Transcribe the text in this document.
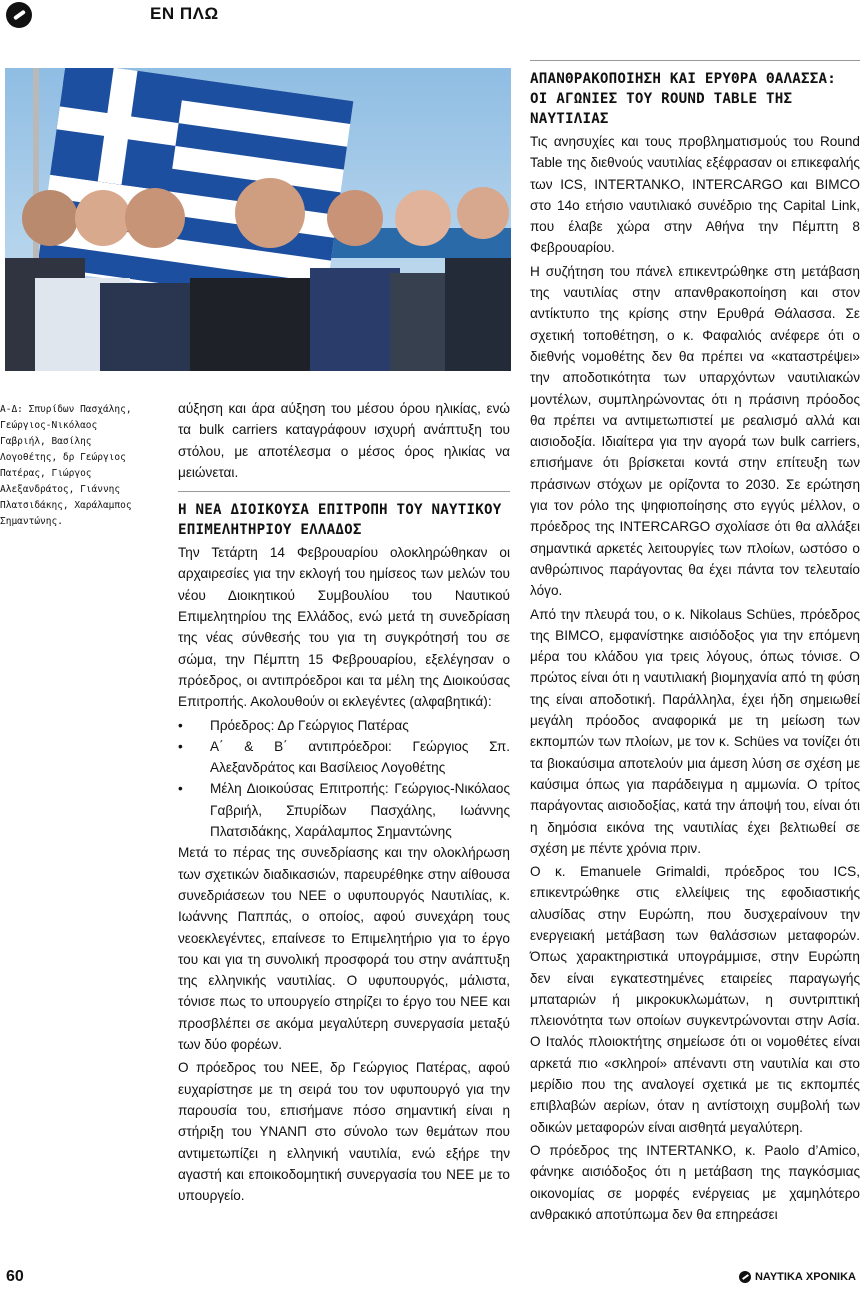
ΕΝ ΠΛΩ
Α-Δ: Σπυρίδων Πασχάλης, Γεώργιος-Νικόλαος Γαβριήλ, Βασίλης Λογοθέτης, δρ Γεώργιος Πατέρας, Γιώργος Αλεξανδράτος, Γιάννης Πλατσιδάκης, Χαράλαμπος Σημαντώνης.

αύξηση και άρα αύξηση του μέσου όρου ηλικίας, ενώ τα bulk carriers καταγράφουν ισχυρή ανάπτυξη του στόλου, με αποτέλεσμα ο μέσος όρος ηλικίας να μειώνεται.

Η ΝΕΑ ΔΙΟΙΚΟΥΣΑ ΕΠΙΤΡΟΠΗ ΤΟΥ ΝΑΥΤΙΚΟΥ ΕΠΙΜΕΛΗΤΗΡΙΟΥ ΕΛΛΑΔΟΣ

Την Τετάρτη 14 Φεβρουαρίου ολοκληρώθηκαν οι αρχαιρεσίες για την εκλογή του ημίσεος των μελών του νέου Διοικητικού Συμβουλίου του Ναυτικού Επιμελητηρίου της Ελλάδος, ενώ μετά τη συνεδρίαση της νέας σύνθεσής του για τη συγκρότησή του σε σώμα, την Πέμπτη 15 Φεβρουαρίου, εξελέγησαν ο πρόεδρος, οι αντιπρόεδροι και τα μέλη της Διοικούσας Επιτροπής. Ακολουθούν οι εκλεγέντες (αλφαβητικά):

• Πρόεδρος: Δρ Γεώργιος Πατέρας
• Α΄ & Β΄ αντιπρόεδροι: Γεώργιος Σπ. Αλεξανδράτος και Βασίλειος Λογοθέτης
• Μέλη Διοικούσας Επιτροπής: Γεώργιος-Νικόλαος Γαβριήλ, Σπυρίδων Πασχάλης, Ιωάννης Πλατσιδάκης, Χαράλαμπος Σημαντώνης

Μετά το πέρας της συνεδρίασης και την ολοκλήρωση των σχετικών διαδικασιών, παρευρέθηκε στην αίθουσα συνεδριάσεων του ΝΕΕ ο υφυπουργός Ναυτιλίας, κ. Ιωάννης Παππάς, ο οποίος, αφού συνεχάρη τους νεοεκλεγέντες, επαίνεσε το Επιμελητήριο για το έργο του και για τη συνολική προσφορά του στην ανάπτυξη της ελληνικής ναυτιλίας. Ο υφυπουργός, μάλιστα, τόνισε πως το υπουργείο στηρίζει το έργο του ΝΕΕ και προσβλέπει σε ακόμα μεγαλύτερη συνεργασία μεταξύ των δύο φορέων.

Ο πρόεδρος του ΝΕΕ, δρ Γεώργιος Πατέρας, αφού ευχαρίστησε με τη σειρά του τον υφυπουργό για την παρουσία του, επισήμανε πόσο σημαντική είναι η στήριξη του ΥΝΑΝΠ στο σύνολο των θεμάτων που αντιμετωπίζει η ελληνική ναυτιλία, ενώ εξήρε την αγαστή και εποικοδομητική συνεργασία του ΝΕΕ με το υπουργείο.

ΑΠΑΝΘΡΑΚΟΠΟΙΗΣΗ ΚΑΙ ΕΡΥΘΡΑ ΘΑΛΑΣΣΑ: ΟΙ ΑΓΩΝΙΕΣ ΤΟΥ ROUND TABLE ΤΗΣ ΝΑΥΤΙΛΙΑΣ

Τις ανησυχίες και τους προβληματισμούς του Round Table της διεθνούς ναυτιλίας εξέφρασαν οι επικεφαλής των ICS, INTERTANKO, INTERCARGO και BIMCO στο 14ο ετήσιο ναυτιλιακό συνέδριο της Capital Link, που έλαβε χώρα στην Αθήνα την Πέμπτη 8 Φεβρουαρίου.

Η συζήτηση του πάνελ επικεντρώθηκε στη μετάβαση της ναυτιλίας στην απανθρακοποίηση και στον αντίκτυπο της κρίσης στην Ερυθρά Θάλασσα. Σε σχετική τοποθέτηση, ο κ. Φαφαλιός ανέφερε ότι ο διεθνής νομοθέτης δεν θα πρέπει να «καταστρέψει» την αποδοτικότητα των υπαρχόντων ναυτιλιακών μοντέλων, συμπληρώνοντας ότι η πράσινη πρόοδος θα πρέπει να αντιμετωπιστεί με ρεαλισμό αλλά και αισιοδοξία. Ιδιαίτερα για την αγορά των bulk carriers, επισήμανε ότι βρίσκεται κοντά στην επίτευξη των πράσινων στόχων με ορίζοντα το 2030. Σε ερώτηση για τον ρόλο της ψηφιοποίησης στο εγγύς μέλλον, ο πρόεδρος της INTERCARGO σχολίασε ότι θα αλλάξει σημαντικά αρκετές λειτουργίες των πλοίων, ωστόσο ο ανθρώπινος παράγοντας θα έχει πάντα τον τελευταίο λόγο.

Από την πλευρά του, ο κ. Nikolaus Schües, πρόεδρος της BIMCO, εμφανίστηκε αισιόδοξος για την επόμενη μέρα του κλάδου για τρεις λόγους, όπως τόνισε. Ο πρώτος είναι ότι η ναυτιλιακή βιομηχανία από τη φύση της είναι αποδοτική. Παράλληλα, έχει ήδη σημειωθεί μεγάλη πρόοδος αναφορικά με τη μείωση των εκπομπών των πλοίων, με τον κ. Schües να τονίζει ότι τα βιοκαύσιμα αποτελούν μια άμεση λύση σε σχέση με καύσιμα όπως για παράδειγμα η αμμωνία. Ο τρίτος παράγοντας αισιοδοξίας, κατά την άποψή του, είναι ότι η δημόσια εικόνα της ναυτιλίας έχει βελτιωθεί σε σχέση με πέντε χρόνια πριν.

Ο κ. Emanuele Grimaldi, πρόεδρος του ICS, επικεντρώθηκε στις ελλείψεις της εφοδιαστικής αλυσίδας στην Ευρώπη, που δυσχεραίνουν την ενεργειακή μετάβαση των θαλάσσιων μεταφορών. Όπως χαρακτηριστικά υπογράμμισε, στην Ευρώπη δεν είναι εγκατεστημένες εταιρείες παραγωγής μπαταριών ή μικροκυκλωμάτων, η συντριπτική πλειονότητα των οποίων συγκεντρώνονται στην Ασία. Ο Ιταλός πλοιοκτήτης σημείωσε ότι οι νομοθέτες είναι αρκετά πιο «σκληροί» απέναντι στη ναυτιλία και στο μερίδιο που της αναλογεί σχετικά με τις εκπομπές επιβλαβών αερίων, όταν η αντίστοιχη συμβολή των οδικών μεταφορών είναι αισθητά μεγαλύτερη.

Ο πρόεδρος της INTERTANKO, κ. Paolo d’Amico, φάνηκε αισιόδοξος ότι η μετάβαση της παγκόσμιας οικονομίας σε μορφές ενέργειας με χαμηλότερο ανθρακικό αποτύπωμα δεν θα επηρεάσει

60	ΝΑΥΤΙΚΑ ΧΡΟΝΙΚΑ
